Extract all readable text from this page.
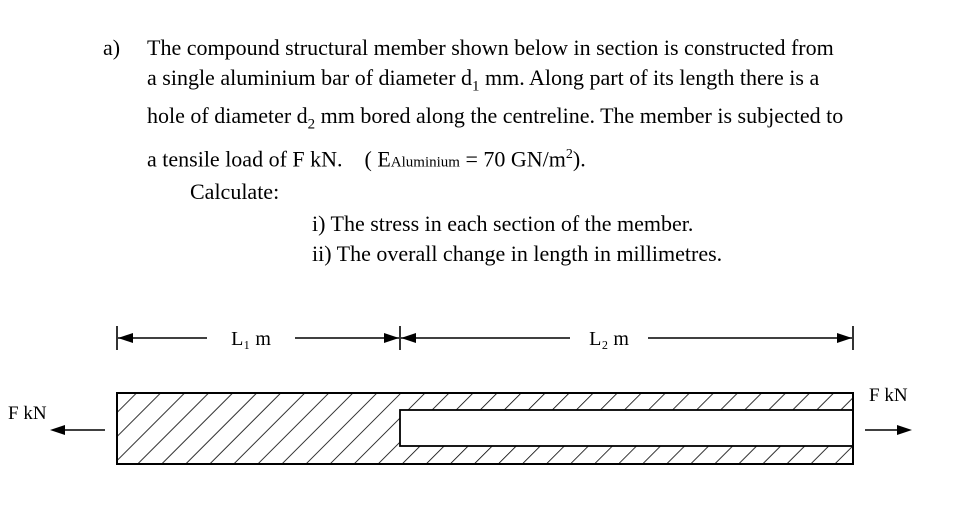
a) The compound structural member shown below in section is constructed from
a single aluminium bar of diameter $d_1$ mm. Along part of its length there is a
hole of diameter $d_2$ mm bored along the centreline. The member is subjected to
a tensile load of F kN. ( EAluminium = 70 $GN/m^2$).
Calculate:
i) The stress in each section of the member.
ii) The overall change in length in millimetres.
L₁ m	L₂ m
F kN
F kN
